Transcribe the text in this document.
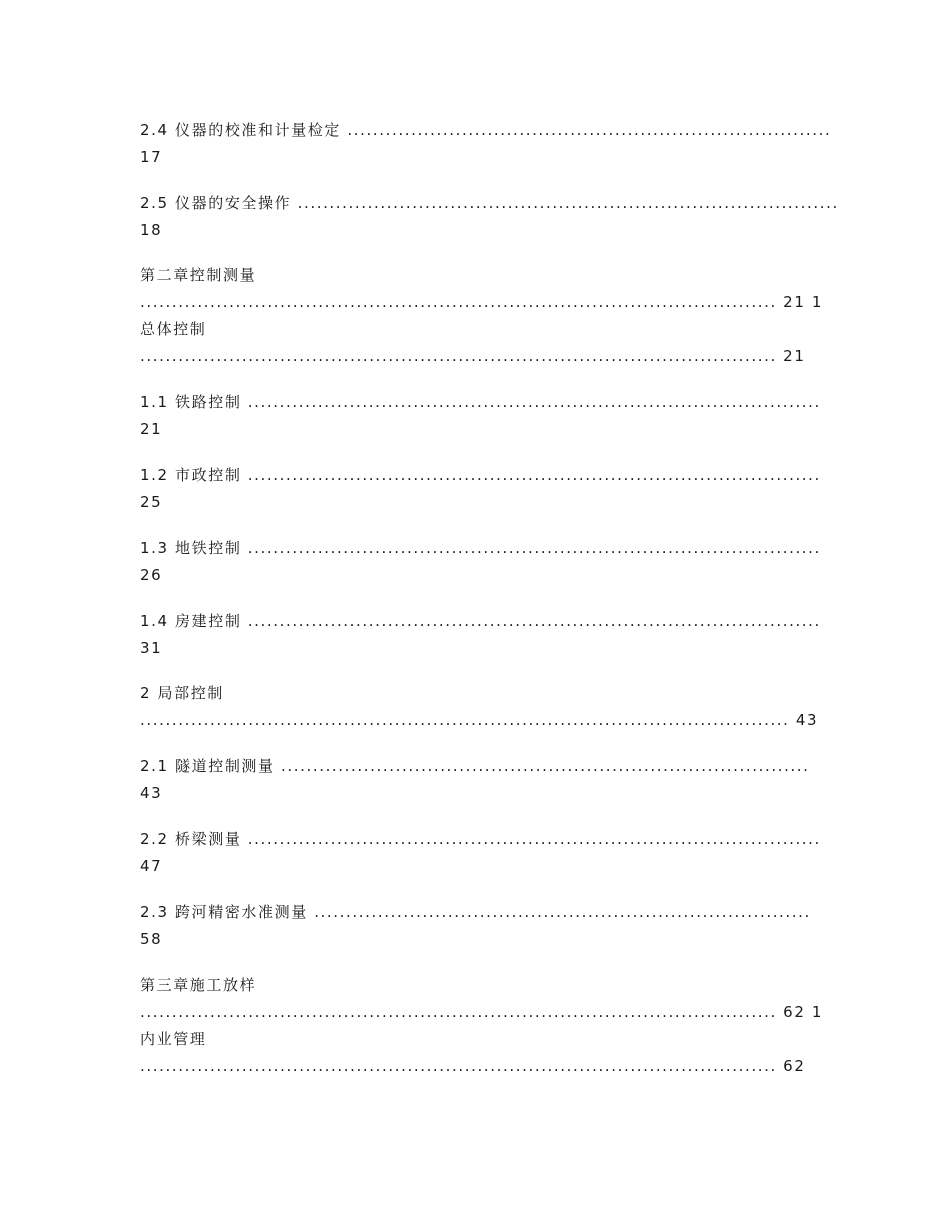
2.4 仪器的校准和计量检定 ............................................................................
17
2.5 仪器的安全操作 .....................................................................................
18
第二章控制测量
.................................................................................................... 21 1
总体控制
.................................................................................................... 21
1.1 铁路控制 ..........................................................................................
21
1.2 市政控制 ..........................................................................................
25
1.3 地铁控制 ..........................................................................................
26
1.4 房建控制 ..........................................................................................
31
2 局部控制
...................................................................................................... 43
2.1 隧道控制测量 ...................................................................................
43
2.2 桥梁测量 ..........................................................................................
47
2.3 跨河精密水准测量 ..............................................................................
58
第三章施工放样
.................................................................................................... 62 1
内业管理
.................................................................................................... 62
